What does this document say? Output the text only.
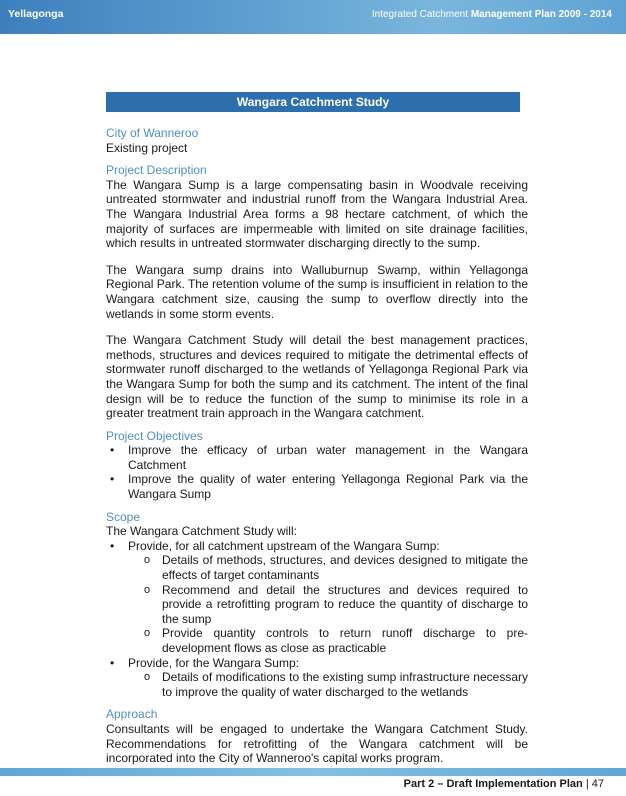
Yellagonga	Integrated Catchment Management Plan 2009 - 2014
Wangara Catchment Study
City of Wanneroo

Existing project

Project Description

The Wangara Sump is a large compensating basin in Woodvale receiving untreated stormwater and industrial runoff from the Wangara Industrial Area. The Wangara Industrial Area forms a 98 hectare catchment, of which the majority of surfaces are impermeable with limited on site drainage facilities, which results in untreated stormwater discharging directly to the sump.

The Wangara sump drains into Walluburnup Swamp, within Yellagonga Regional Park. The retention volume of the sump is insufficient in relation to the Wangara catchment size, causing the sump to overflow directly into the wetlands in some storm events.

The Wangara Catchment Study will detail the best management practices, methods, structures and devices required to mitigate the detrimental effects of stormwater runoff discharged to the wetlands of Yellagonga Regional Park via the Wangara Sump for both the sump and its catchment. The intent of the final design will be to reduce the function of the sump to minimise its role in a greater treatment train approach in the Wangara catchment.

Project Objectives
• Improve the efficacy of urban water management in the Wangara Catchment
• Improve the quality of water entering Yellagonga Regional Park via the Wangara Sump
Scope

The Wangara Catchment Study will:

• Provide, for all catchment upstream of the Wangara Sump:
o Details of methods, structures, and devices designed to mitigate the effects of target contaminants
o Recommend and detail the structures and devices required to provide a retrofitting program to reduce the quantity of discharge to the sump
o Provide quantity controls to return runoff discharge to pre-development flows as close as practicable
• Provide, for the Wangara Sump:
o Details of modifications to the existing sump infrastructure necessary to improve the quality of water discharged to the wetlands
Approach

Consultants will be engaged to undertake the Wangara Catchment Study. Recommendations for retrofitting of the Wangara catchment will be incorporated into the City of Wanneroo's capital works program.

Part 2 – Draft Implementation Plan | 47
